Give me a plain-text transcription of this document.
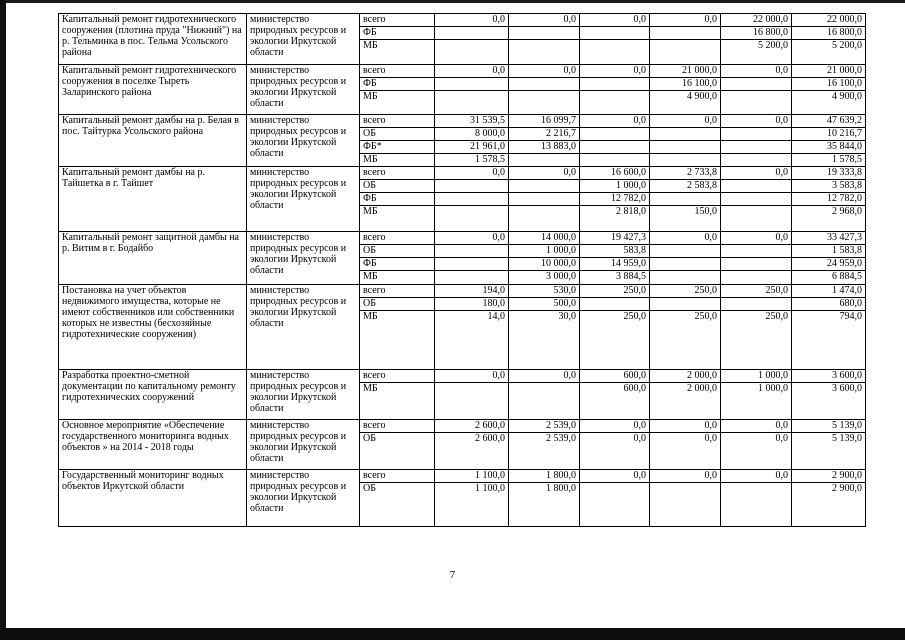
Капитальный ремонт гидротехнического сооружения (плотина пруда "Нижний") на р. Тельминка в пос. Тельма Усольского района	министерство природных ресурсов и экологии Иркутской области	всего	0,0	0,0	0,0	0,0	22 000,0	22 000,0
		ФБ					16 800,0	16 800,0
		МБ					5 200,0	5 200,0
Капитальный ремонт гидротехнического сооружения в поселке Тыреть Заларинского района	министерство природных ресурсов и экологии Иркутской области	всего	0,0	0,0	0,0	21 000,0	0,0	21 000,0
		ФБ				16 100,0		16 100,0
		МБ				4 900,0		4 900,0
Капитальный ремонт дамбы на р. Белая в пос. Тайтурка Усольского района	министерство природных ресурсов и экологии Иркутской области	всего	31 539,5	16 099,7	0,0	0,0	0,0	47 639,2
		ОБ	8 000,0	2 216,7				10 216,7
		ФБ*	21 961,0	13 883,0				35 844,0
		МБ	1 578,5					1 578,5
Капитальный ремонт дамбы на р. Тайшетка в г. Тайшет	министерство природных ресурсов и экологии Иркутской области	всего	0,0	0,0	16 600,0	2 733,8	0,0	19 333,8
		ОБ			1 000,0	2 583,8		3 583,8
		ФБ			12 782,0			12 782,0
		МБ			2 818,0	150,0		2 968,0
Капитальный ремонт защитной дамбы на р. Витим в г. Бодайбо	министерство природных ресурсов и экологии Иркутской области	всего	0,0	14 000,0	19 427,3	0,0	0,0	33 427,3
		ОБ		1 000,0	583,8			1 583,8
		ФБ		10 000,0	14 959,0			24 959,0
		МБ		3 000,0	3 884,5			6 884,5
Постановка на учет объектов недвижимого имущества, которые не имеют собственников или собственники которых не известны (бесхозяйные гидротехнические сооружения)	министерство природных ресурсов и экологии Иркутской области	всего	194,0	530,0	250,0	250,0	250,0	1 474,0
		ОБ	180,0	500,0				680,0
		МБ	14,0	30,0	250,0	250,0	250,0	794,0
Разработка проектно-сметной документации по капитальному ремонту гидротехнических сооружений	министерство природных ресурсов и экологии Иркутской области	всего	0,0	0,0	600,0	2 000,0	1 000,0	3 600,0
		МБ			600,0	2 000,0	1 000,0	3 600,0
Основное мероприятие «Обеспечение государственного мониторинга водных объектов » на 2014 - 2018 годы	министерство природных ресурсов и экологии Иркутской области	всего	2 600,0	2 539,0	0,0	0,0	0,0	5 139,0
		ОБ	2 600,0	2 539,0	0,0	0,0	0,0	5 139,0
Государственный мониторинг водных объектов Иркутской области	министерство природных ресурсов и экологии Иркутской области	всего	1 100,0	1 800,0	0,0	0,0	0,0	2 900,0
		ОБ	1 100,0	1 800,0				2 900,0
7
